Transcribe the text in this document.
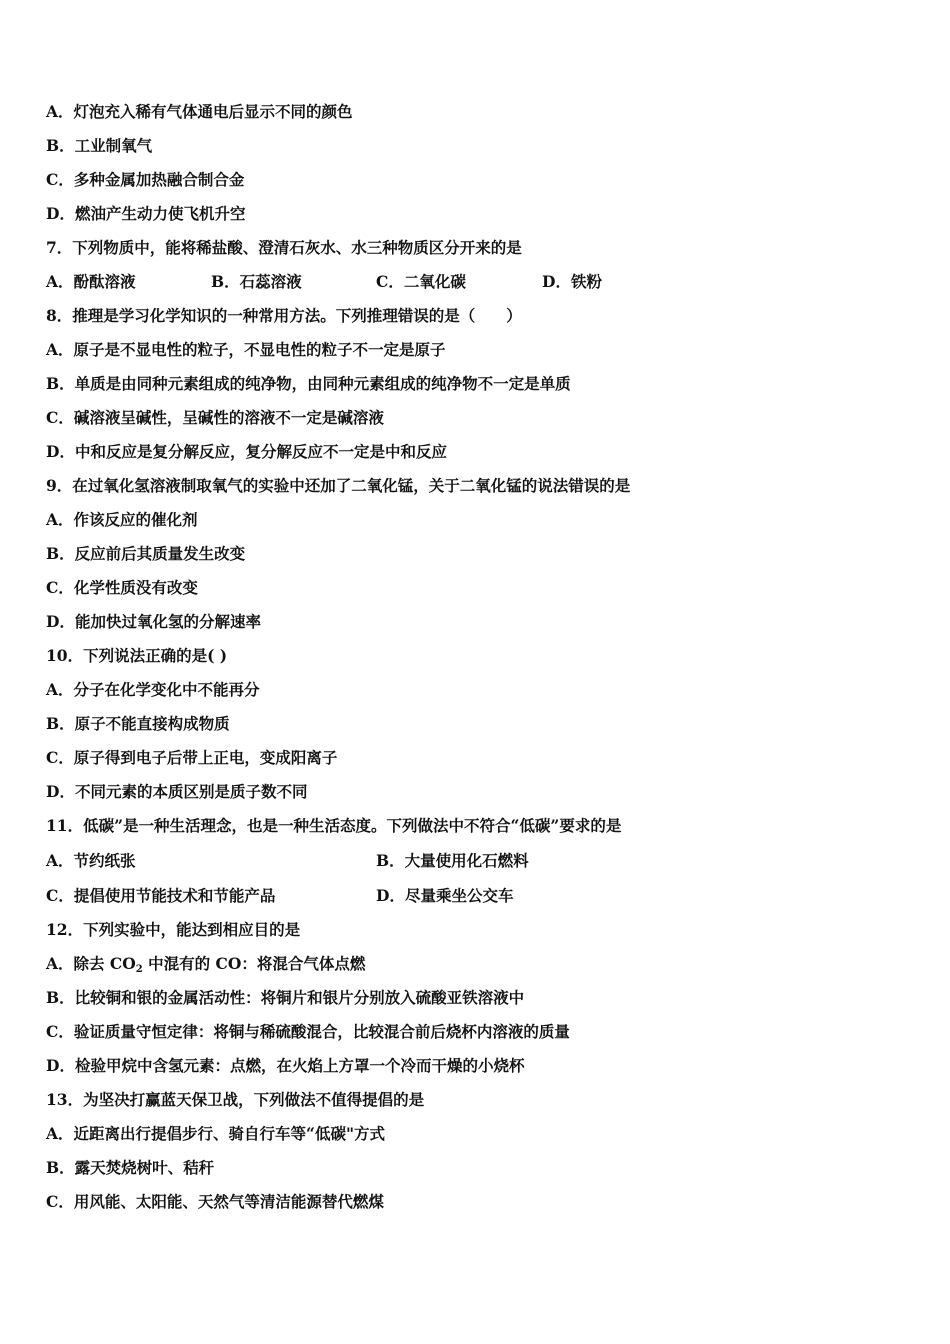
A．灯泡充入稀有气体通电后显示不同的颜色
B．工业制氧气
C．多种金属加热融合制合金
D．燃油产生动力使飞机升空
7．下列物质中，能将稀盐酸、澄清石灰水、水三种物质区分开来的是
A．酚酞溶液	B．石蕊溶液	C．二氧化碳	D．铁粉
8．推理是学习化学知识的一种常用方法。下列推理错误的是（　　）
A．原子是不显电性的粒子，不显电性的粒子不一定是原子
B．单质是由同种元素组成的纯净物，由同种元素组成的纯净物不一定是单质
C．碱溶液呈碱性，呈碱性的溶液不一定是碱溶液
D．中和反应是复分解反应，复分解反应不一定是中和反应
9．在过氧化氢溶液制取氧气的实验中还加了二氧化锰，关于二氧化锰的说法错误的是
A．作该反应的催化剂
B．反应前后其质量发生改变
C．化学性质没有改变
D．能加快过氧化氢的分解速率
10．下列说法正确的是( )
A．分子在化学变化中不能再分
B．原子不能直接构成物质
C．原子得到电子后带上正电，变成阳离子
D．不同元素的本质区别是质子数不同
11．低碳”是一种生活理念，也是一种生活态度。下列做法中不符合“低碳”要求的是
A．节约纸张	B．大量使用化石燃料
C．提倡使用节能技术和节能产品	D．尽量乘坐公交车
12．下列实验中，能达到相应目的是
A．除去 $CO_2$ 中混有的 CO：将混合气体点燃
B．比较铜和银的金属活动性：将铜片和银片分别放入硫酸亚铁溶液中
C．验证质量守恒定律：将铜与稀硫酸混合，比较混合前后烧杯内溶液的质量
D．检验甲烷中含氢元素：点燃，在火焰上方罩一个冷而干燥的小烧杯
13．为坚决打赢蓝天保卫战，下列做法不值得提倡的是
A．近距离出行提倡步行、骑自行车等“低碳"方式
B．露天焚烧树叶、秸秆
C．用风能、太阳能、天然气等清洁能源替代燃煤
